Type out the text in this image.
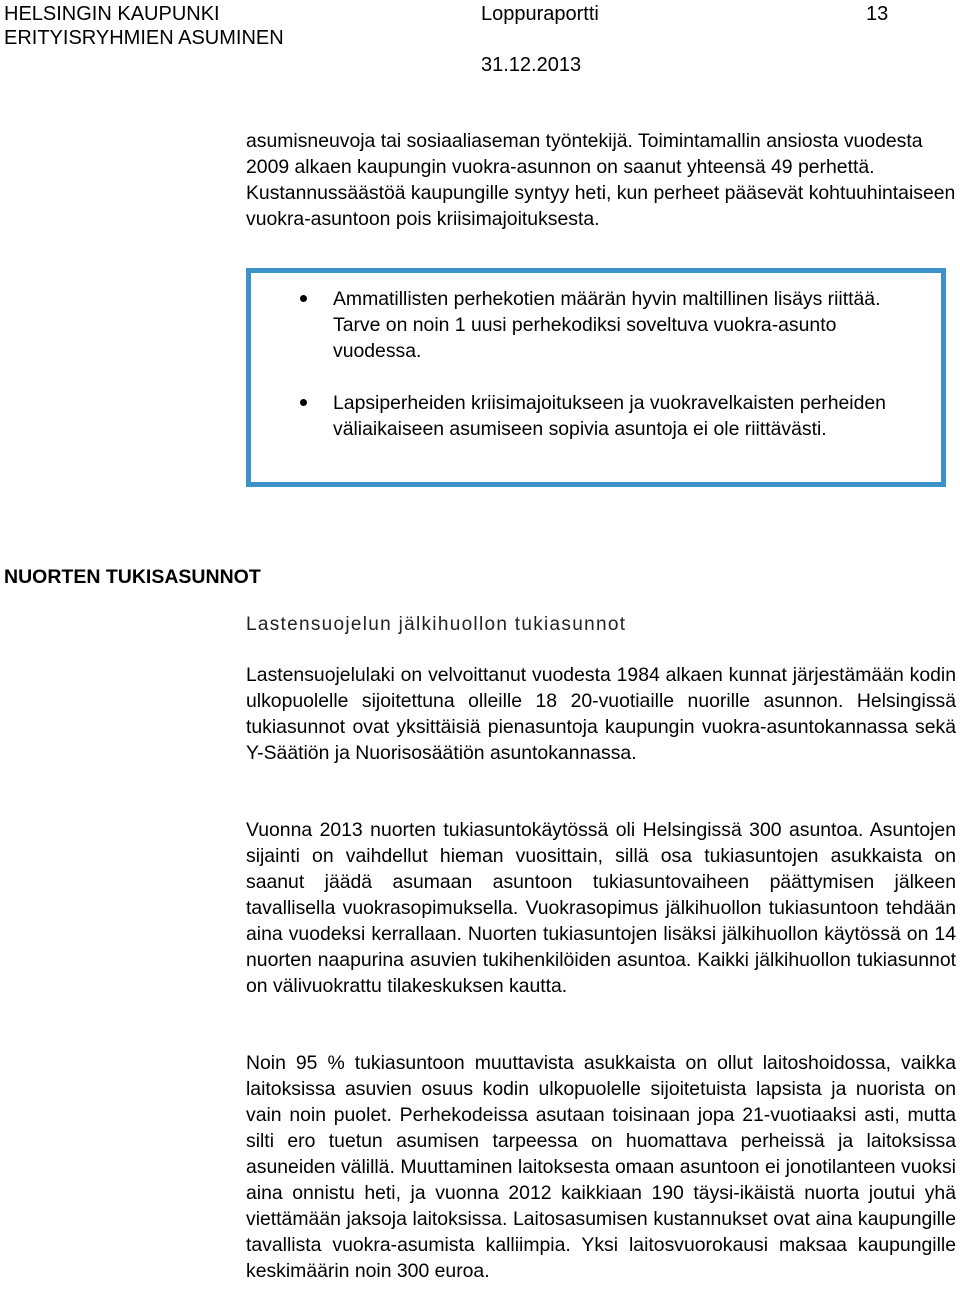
HELSINGIN KAUPUNKI
ERITYISRYHMIEN ASUMINEN
Loppuraportti	13
31.12.2013

asumisneuvoja tai sosiaaliaseman työntekijä. Toimintamallin ansiosta vuodesta 2009 alkaen kaupungin vuokra-asunnon on saanut yhteensä 49 perhettä. Kustannussäästöä kaupungille syntyy heti, kun perheet pääsevät kohtuuhintaiseen vuokra-asuntoon pois kriisimajoituksesta.

Ammatillisten perhekotien määrän hyvin maltillinen lisäys riittää. Tarve on noin 1 uusi perhekodiksi soveltuva vuokra-asunto vuodessa.
Lapsiperheiden kriisimajoitukseen ja vuokravelkaisten perheiden väliaikaiseen asumiseen sopivia asuntoja ei ole riittävästi.
NUORTEN TUKISASUNNOT
Lastensuojelun jälkihuollon tukiasunnot

Lastensuojelulaki on velvoittanut vuodesta 1984 alkaen kunnat järjestämään kodin ulkopuolelle sijoitettuna olleille 18 20-vuotiaille nuorille asunnon. Helsingissä tukiasunnot ovat yksittäisiä pienasuntoja kaupungin vuokra-asuntokannassa sekä Y-Säätiön ja Nuorisosäätiön asuntokannassa.

Vuonna 2013 nuorten tukiasuntokäytössä oli Helsingissä 300 asuntoa. Asuntojen sijainti on vaihdellut hieman vuosittain, sillä osa tukiasuntojen asukkaista on saanut jäädä asumaan asuntoon tukiasuntovaiheen päättymisen jälkeen tavallisella vuokrasopimuksella. Vuokrasopimus jälkihuollon tukiasuntoon tehdään aina vuodeksi kerrallaan. Nuorten tukiasuntojen lisäksi jälkihuollon käytössä on 14 nuorten naapurina asuvien tukihenkilöiden asuntoa. Kaikki jälkihuollon tukiasunnot on välivuokrattu tilakeskuksen kautta.

Noin 95 % tukiasuntoon muuttavista asukkaista on ollut laitoshoidossa, vaikka laitoksissa asuvien osuus kodin ulkopuolelle sijoitetuista lapsista ja nuorista on vain noin puolet. Perhekodeissa asutaan toisinaan jopa 21-vuotiaaksi asti, mutta silti ero tuetun asumisen tarpeessa on huomattava perheissä ja laitoksissa asuneiden välillä. Muuttaminen laitoksesta omaan asuntoon ei jonotilanteen vuoksi aina onnistu heti, ja vuonna 2012 kaikkiaan 190 täysi-ikäistä nuorta joutui yhä viettämään jaksoja laitoksissa. Laitosasumisen kustannukset ovat aina kaupungille tavallista vuokra-asumista kalliimpia. Yksi laitosvuorokausi maksaa kaupungille keskimäärin noin 300 euroa.
